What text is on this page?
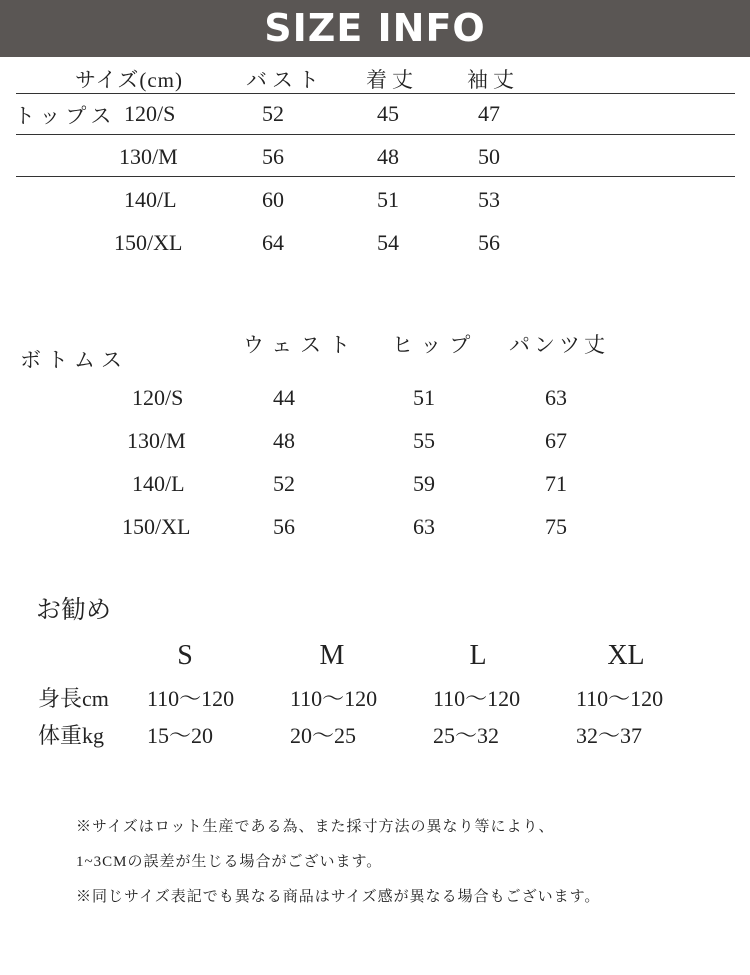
SIZE INFO
サイズ(cm)	バスト 着丈 袖丈
トップス 120/S	52	45	47
130/M	56	48	50
140/L	60	51	53
150/XL	64	54	56
ウェスト ヒップ パンツ丈
ボトムス
120/S	44	51	63
130/M	48	55	67
140/L	52	59	71
150/XL	56	63	75
お勧め
S	M	L	XL
身長cm 110〜120	110〜120	110〜120	110〜120
体重kg 15〜20	20〜25	25〜32	32〜37
※サイズはロット生産である為、また採寸方法の異なり等により、
1~3CMの誤差が生じる場合がございます。
※同じサイズ表記でも異なる商品はサイズ感が異なる場合もございます。
